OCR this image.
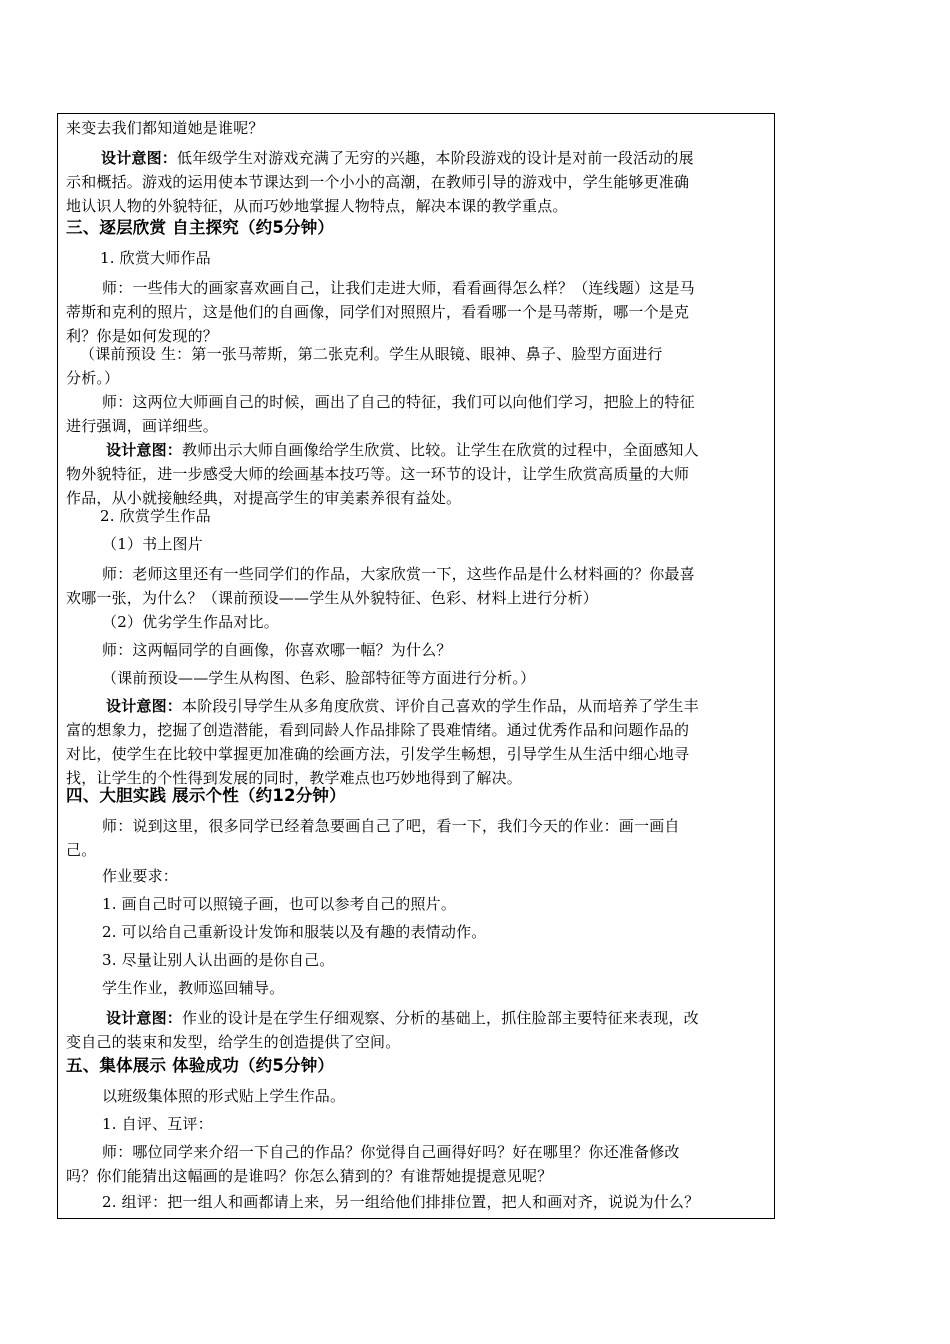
来变去我们都知道她是谁呢？

设计意图：低年级学生对游戏充满了无穷的兴趣，本阶段游戏的设计是对前一段活动的展

示和概括。游戏的运用使本节课达到一个小小的高潮，在教师引导的游戏中，学生能够更准确

地认识人物的外貌特征，从而巧妙地掌握人物特点，解决本课的教学重点。

三、逐层欣赏 自主探究（约5分钟）

1. 欣赏大师作品

师：一些伟大的画家喜欢画自己，让我们走进大师，看看画得怎么样？（连线题）这是马

蒂斯和克利的照片，这是他们的自画像，同学们对照照片，看看哪一个是马蒂斯，哪一个是克

利？你是如何发现的？

（课前预设 生：第一张马蒂斯，第二张克利。学生从眼镜、眼神、鼻子、脸型方面进行

分析。）

师：这两位大师画自己的时候，画出了自己的特征，我们可以向他们学习，把脸上的特征

进行强调，画详细些。

设计意图：教师出示大师自画像给学生欣赏、比较。让学生在欣赏的过程中，全面感知人

物外貌特征，进一步感受大师的绘画基本技巧等。这一环节的设计，让学生欣赏高质量的大师

作品，从小就接触经典，对提高学生的审美素养很有益处。

2. 欣赏学生作品

（1）书上图片

师：老师这里还有一些同学们的作品，大家欣赏一下，这些作品是什么材料画的？你最喜

欢哪一张，为什么？（课前预设——学生从外貌特征、色彩、材料上进行分析）

（2）优劣学生作品对比。

师：这两幅同学的自画像，你喜欢哪一幅？为什么？

（课前预设——学生从构图、色彩、脸部特征等方面进行分析。）

设计意图：本阶段引导学生从多角度欣赏、评价自己喜欢的学生作品，从而培养了学生丰

富的想象力，挖掘了创造潜能，看到同龄人作品排除了畏难情绪。通过优秀作品和问题作品的

对比，使学生在比较中掌握更加准确的绘画方法，引发学生畅想，引导学生从生活中细心地寻

找，让学生的个性得到发展的同时，教学难点也巧妙地得到了解决。

四、大胆实践 展示个性（约12分钟）

师：说到这里，很多同学已经着急要画自己了吧，看一下，我们今天的作业：画一画自

己。

作业要求：

1. 画自己时可以照镜子画，也可以参考自己的照片。

2. 可以给自己重新设计发饰和服装以及有趣的表情动作。

3. 尽量让别人认出画的是你自己。

学生作业，教师巡回辅导。

设计意图：作业的设计是在学生仔细观察、分析的基础上，抓住脸部主要特征来表现，改

变自己的装束和发型，给学生的创造提供了空间。

五、集体展示 体验成功（约5分钟）

以班级集体照的形式贴上学生作品。

1. 自评、互评：

师：哪位同学来介绍一下自己的作品？你觉得自己画得好吗？好在哪里？你还准备修改

吗？你们能猜出这幅画的是谁吗？你怎么猜到的？有谁帮她提提意见呢？

2. 组评：把一组人和画都请上来，另一组给他们排排位置，把人和画对齐，说说为什么？
